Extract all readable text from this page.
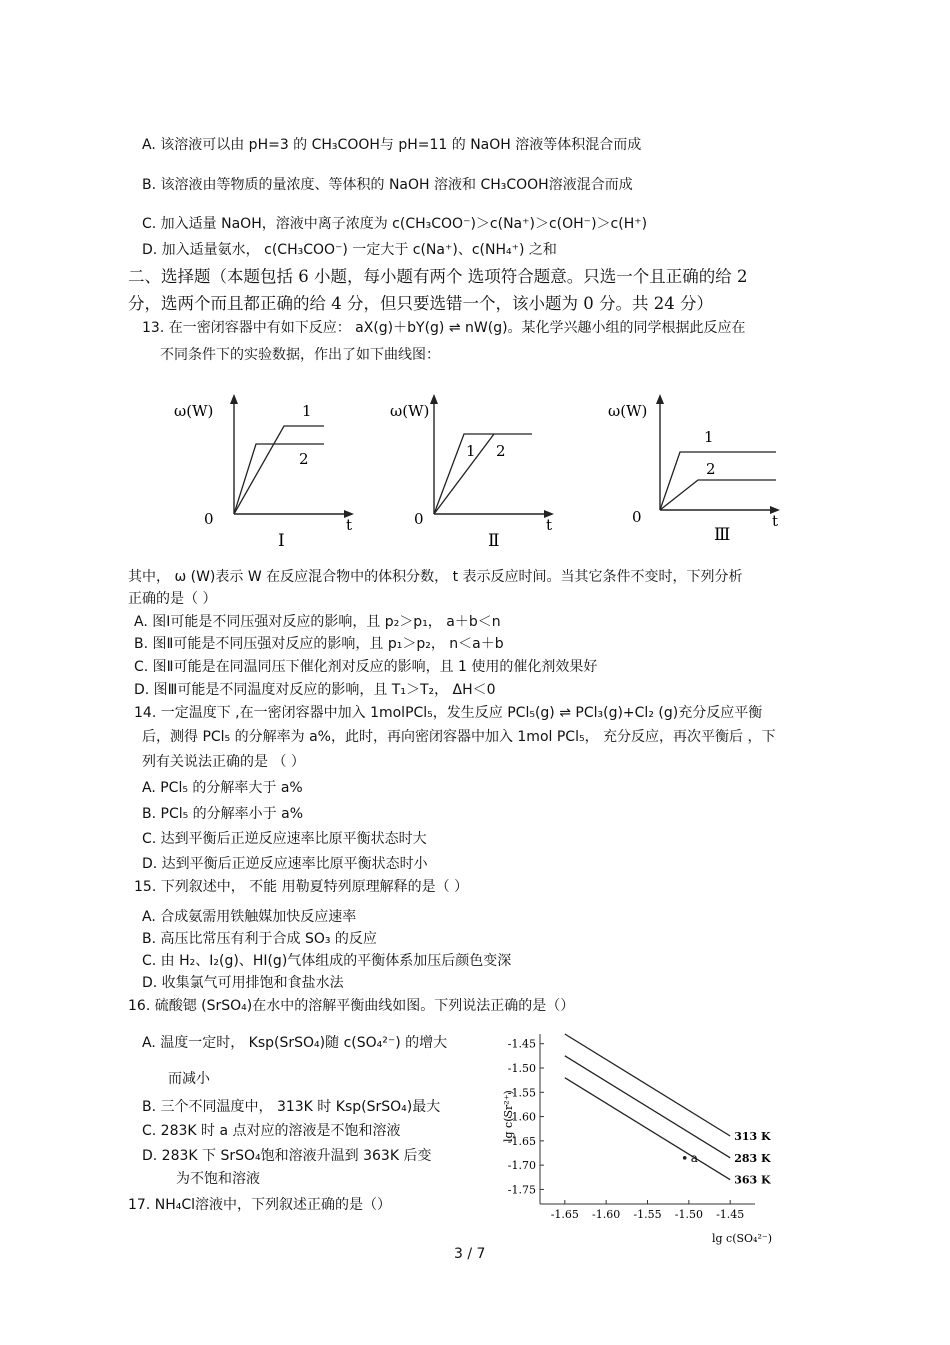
A. 该溶液可以由 pH=3 的 CH₃COOH与 pH=11 的 NaOH 溶液等体积混合而成
B. 该溶液由等物质的量浓度、等体积的 NaOH 溶液和 CH₃COOH溶液混合而成
C. 加入适量 NaOH，溶液中离子浓度为 c(CH₃COO⁻)＞c(Na⁺)＞c(OH⁻)＞c(H⁺)
D. 加入适量氨水， c(CH₃COO⁻) 一定大于 c(Na⁺)、c(NH₄⁺) 之和
二、选择题（本题包括 6 小题，每小题有两个 选项符合题意。只选一个且正确的给 2
分，选两个而且都正确的给 4 分，但只要选错一个，该小题为 0 分。共 24 分）
13. 在一密闭容器中有如下反应： aX(g)＋bY(g) ⇌ nW(g)。某化学兴趣小组的同学根据此反应在
不同条件下的实验数据，作出了如下曲线图：
ω(W)
0	t
1
2
Ⅰ
ω(W)
0	t
1 2
Ⅱ
ω(W)
0	t
1
2
Ⅲ
其中， ω (W)表示 W 在反应混合物中的体积分数， t 表示反应时间。当其它条件不变时，下列分析
正确的是（ ）
A. 图Ⅰ可能是不同压强对反应的影响，且 p₂＞p₁， a＋b＜n
B. 图Ⅱ可能是不同压强对反应的影响，且 p₁＞p₂， n＜a＋b
C. 图Ⅱ可能是在同温同压下催化剂对反应的影响，且 1 使用的催化剂效果好
D. 图Ⅲ可能是不同温度对反应的影响，且 T₁＞T₂， ΔH＜0
14. 一定温度下 ,在一密闭容器中加入 1molPCl₅，发生反应 PCl₅(g) ⇌ PCl₃(g)+Cl₂ (g)充分反应平衡
后，测得 PCl₅ 的分解率为 a%，此时，再向密闭容器中加入 1mol PCl₅， 充分反应，再次平衡后 ，下
列有关说法正确的是 （ ）
A. PCl₅ 的分解率大于 a%
B. PCl₅ 的分解率小于 a%
C. 达到平衡后正逆反应速率比原平衡状态时大
D. 达到平衡后正逆反应速率比原平衡状态时小
15. 下列叙述中， 不能 用勒夏特列原理解释的是（ ）
A. 合成氨需用铁触媒加快反应速率
B. 高压比常压有利于合成 SO₃ 的反应
C. 由 H₂、I₂(g)、HI(g)气体组成的平衡体系加压后颜色变深
D. 收集氯气可用排饱和食盐水法
16. 硫酸锶 (SrSO₄)在水中的溶解平衡曲线如图。下列说法正确的是（）
A. 温度一定时， Ksp(SrSO₄)随 c(SO₄²⁻) 的增大
而减小
B. 三个不同温度中， 313K 时 Ksp(SrSO₄)最大
C. 283K 时 a 点对应的溶液是不饱和溶液
D. 283K 下 SrSO₄饱和溶液升温到 363K 后变
为不饱和溶液
-1.45
-1.50
-1.55
-1.60
-1.65
-1.70
-1.75
-1.65 -1.60 -1.55 -1.50 -1.45
313 K
283 K
363 K
a
lg c(Sr²⁺)
lg c(SO₄²⁻)
17. NH₄Cl溶液中，下列叙述正确的是（）
3 / 7
